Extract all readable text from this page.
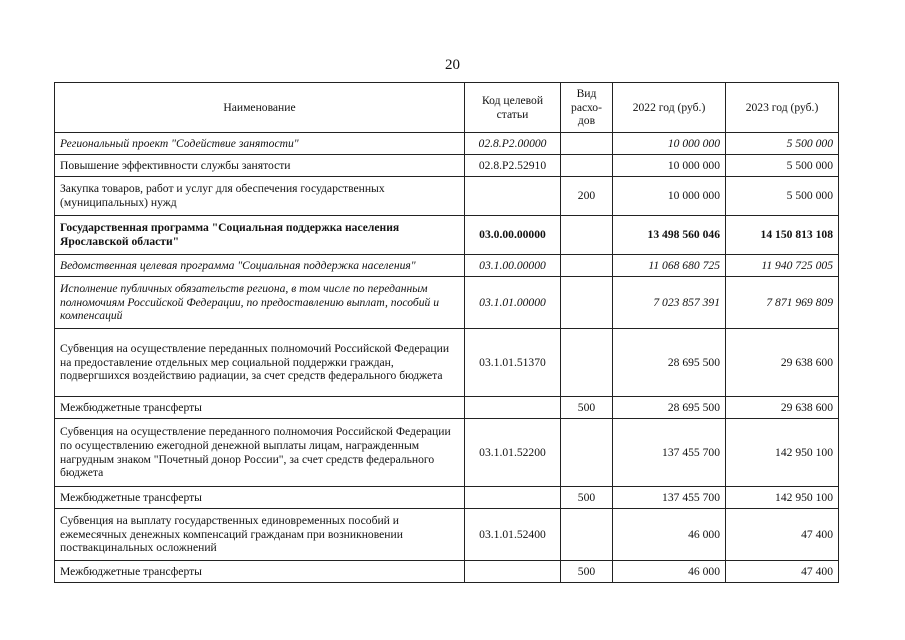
20
Наименование	Код целевой статьи	Вид расхо-дов	2022 год (руб.)	2023 год (руб.)
Региональный проект "Содействие занятости"	02.8.Р2.00000		10 000 000	5 500 000
Повышение эффективности службы занятости	02.8.Р2.52910		10 000 000	5 500 000
Закупка товаров, работ и услуг для обеспечения государственных (муниципальных) нужд		200	10 000 000	5 500 000
Государственная программа "Социальная поддержка населения Ярославской области"	03.0.00.00000		13 498 560 046	14 150 813 108
Ведомственная целевая программа "Социальная поддержка населения"	03.1.00.00000		11 068 680 725	11 940 725 005
Исполнение публичных обязательств региона, в том числе по переданным полномочиям Российской Федерации, по предоставлению выплат, пособий и компенсаций	03.1.01.00000		7 023 857 391	7 871 969 809
Субвенция на осуществление переданных полномочий Российской Федерации на предоставление отдельных мер социальной поддержки граждан, подвергшихся воздействию радиации, за счет средств федерального бюджета	03.1.01.51370		28 695 500	29 638 600
Межбюджетные трансферты		500	28 695 500	29 638 600
Субвенция на осуществление переданного полномочия Российской Федерации по осуществлению ежегодной денежной выплаты лицам, награжденным нагрудным знаком "Почетный донор России", за счет средств федерального бюджета	03.1.01.52200		137 455 700	142 950 100
Межбюджетные трансферты		500	137 455 700	142 950 100
Субвенция на выплату государственных единовременных пособий и ежемесячных денежных компенсаций гражданам при возникновении поствакцинальных осложнений	03.1.01.52400		46 000	47 400
Межбюджетные трансферты		500	46 000	47 400
